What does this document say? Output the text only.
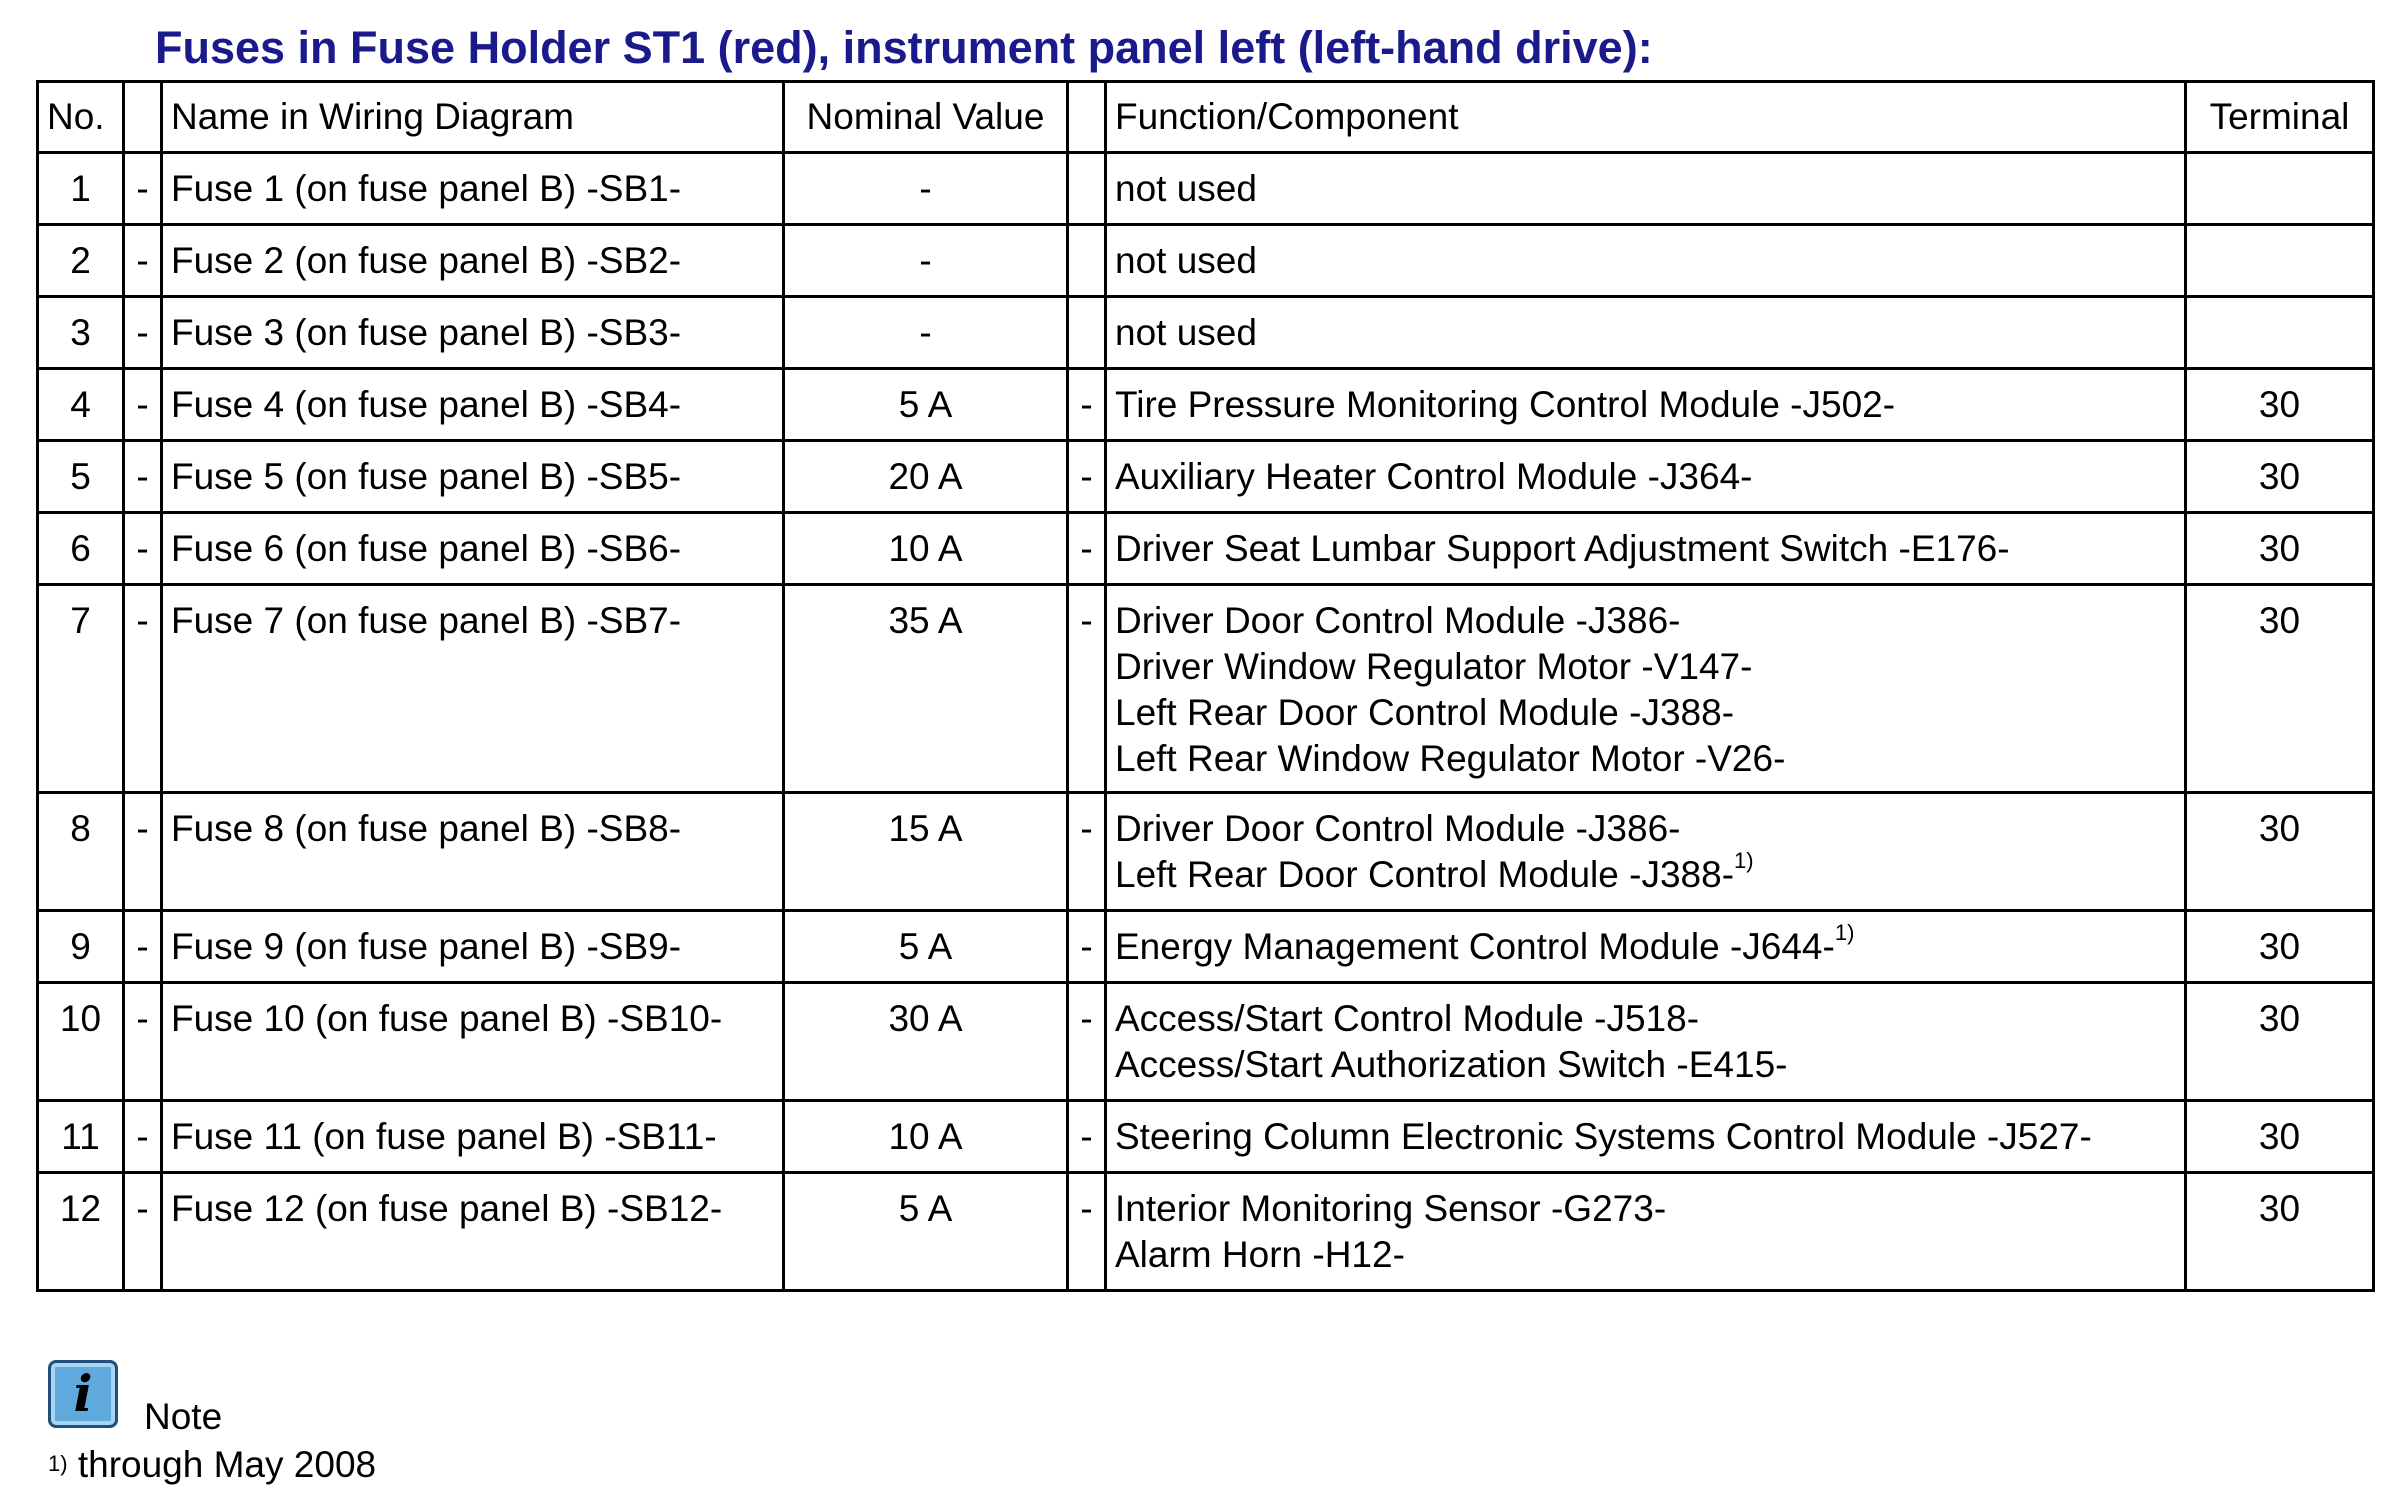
Fuses in Fuse Holder ST1 (red), instrument panel left (left-hand drive):
No.		Name in Wiring Diagram	Nominal Value		Function/Component	Terminal
1	-	Fuse 1 (on fuse panel B) -SB1-	-		not used	

2	-	Fuse 2 (on fuse panel B) -SB2-	-		not used	

3	-	Fuse 3 (on fuse panel B) -SB3-	-		not used	

4	-	Fuse 4 (on fuse panel B) -SB4-	5 A	-	Tire Pressure Monitoring Control Module -J502-	30
5	-	Fuse 5 (on fuse panel B) -SB5-	20 A	-	Auxiliary Heater Control Module -J364-	30
6	-	Fuse 6 (on fuse panel B) -SB6-	10 A	-	Driver Seat Lumbar Support Adjustment Switch -E176-	30
7	-	Fuse 7 (on fuse panel B) -SB7-	35 A	-	Driver Door Control Module -J386-
Driver Window Regulator Motor -V147-
Left Rear Door Control Module -J388-
Left Rear Window Regulator Motor -V26-	30
8	-	Fuse 8 (on fuse panel B) -SB8-	15 A	-	Driver Door Control Module -J386-
Left Rear Door Control Module -J388-$^{1)}$	30
9	-	Fuse 9 (on fuse panel B) -SB9-	5 A	-	Energy Management Control Module -J644-$^{1)}$	30
10	-	Fuse 10 (on fuse panel B) -SB10-	30 A	-	Access/Start Control Module -J518-
Access/Start Authorization Switch -E415-	30
11	-	Fuse 11 (on fuse panel B) -SB11-	10 A	-	Steering Column Electronic Systems Control Module -J527-	30
12	-	Fuse 12 (on fuse panel B) -SB12-	5 A	-	Interior Monitoring Sensor -G273-
Alarm Horn -H12-	30
i	Note
$^{1)}$ through May 2008
